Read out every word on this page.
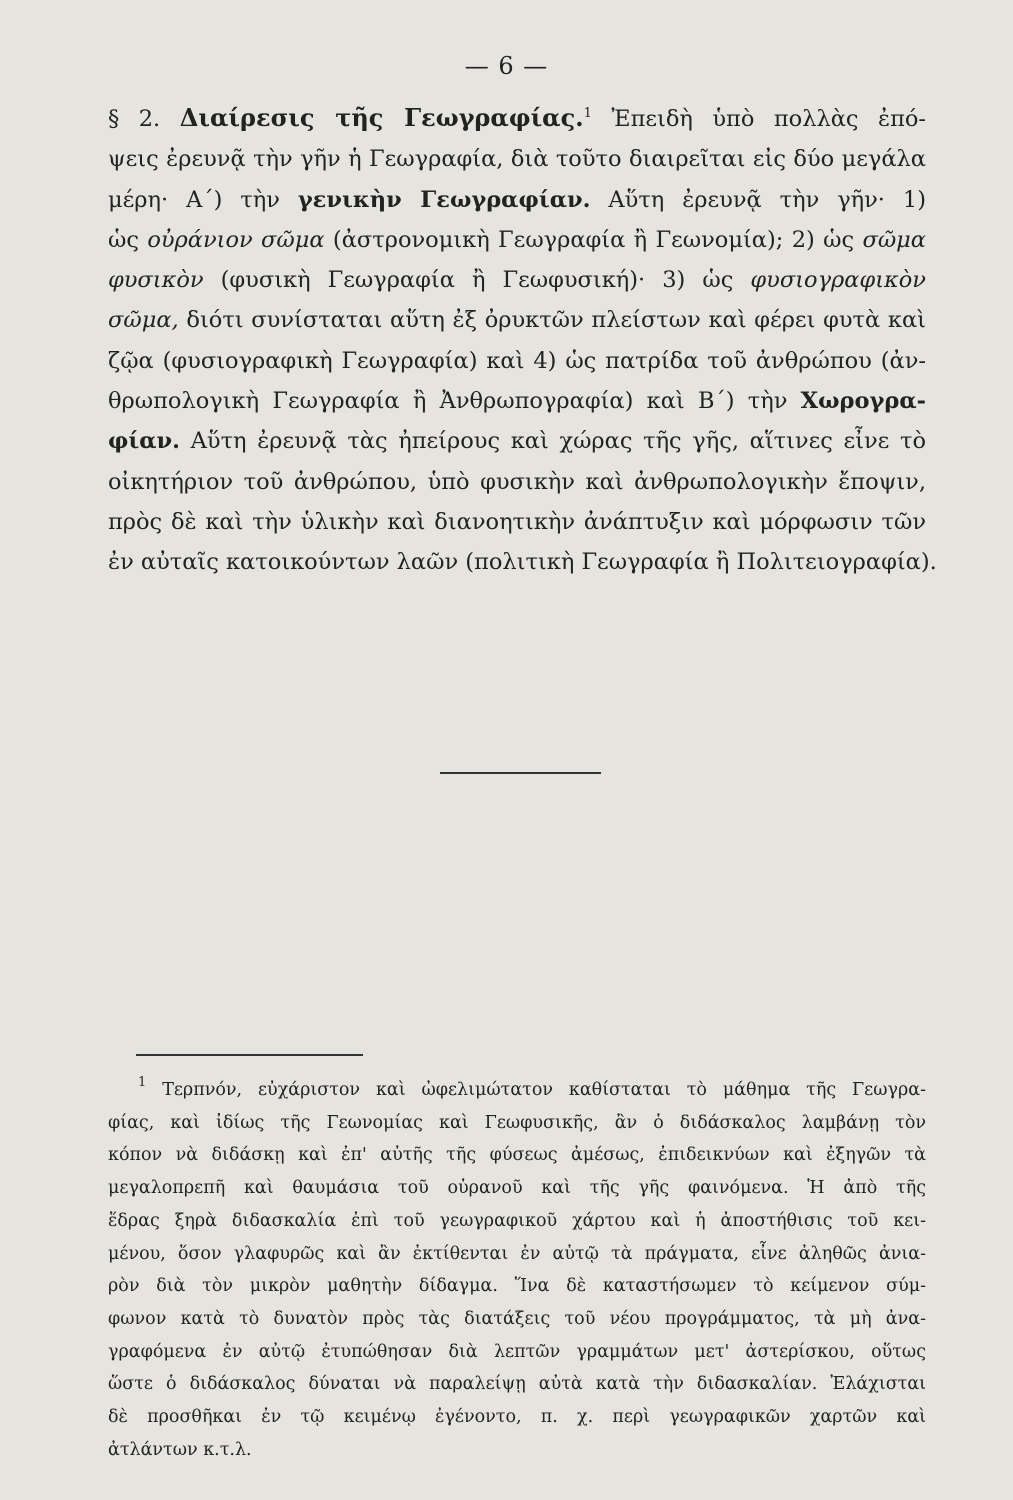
— 6 —
§ 2. Διαίρεσις τῆς Γεωγραφίας.$^1$ Ἐπειδὴ ὑπὸ πολλὰς ἐπό-
ψεις ἐρευνᾷ τὴν γῆν ἡ Γεωγραφία, διὰ τοῦτο διαιρεῖται εἰς δύο μεγάλα
μέρη· Α΄) τὴν γενικὴν Γεωγραφίαν. Αὕτη ἐρευνᾷ τὴν γῆν· 1)
ὡς οὐράνιον σῶμα (ἀστρονομικὴ Γεωγραφία ἢ Γεωνομία); 2) ὡς σῶμα
φυσικὸν (φυσικὴ Γεωγραφία ἢ Γεωφυσική)· 3) ὡς φυσιογραφικὸν
σῶμα, διότι συνίσταται αὕτη ἐξ ὀρυκτῶν πλείστων καὶ φέρει φυτὰ καὶ
ζῷα (φυσιογραφικὴ Γεωγραφία) καὶ 4) ὡς πατρίδα τοῦ ἀνθρώπου (ἀν-
θρωπολογικὴ Γεωγραφία ἢ Ἀνθρωπογραφία) καὶ Β΄) τὴν Χωρογρα-
φίαν. Αὕτη ἐρευνᾷ τὰς ἠπείρους καὶ χώρας τῆς γῆς, αἵτινες εἶνε τὸ
οἰκητήριον τοῦ ἀνθρώπου, ὑπὸ φυσικὴν καὶ ἀνθρωπολογικὴν ἔποψιν,
πρὸς δὲ καὶ τὴν ὑλικὴν καὶ διανοητικὴν ἀνάπτυξιν καὶ μόρφωσιν τῶν
ἐν αὐταῖς κατοικούντων λαῶν (πολιτικὴ Γεωγραφία ἢ Πολιτειογραφία).
$^1$ Τερπνόν, εὐχάριστον καὶ ὠφελιμώτατον καθίσταται τὸ μάθημα τῆς Γεωγρα-
φίας, καὶ ἰδίως τῆς Γεωνομίας καὶ Γεωφυσικῆς, ἂν ὁ διδάσκαλος λαμβάνῃ τὸν
κόπον νὰ διδάσκῃ καὶ ἐπ' αὐτῆς τῆς φύσεως ἀμέσως, ἐπιδεικνύων καὶ ἐξηγῶν τὰ
μεγαλοπρεπῆ καὶ θαυμάσια τοῦ οὐρανοῦ καὶ τῆς γῆς φαινόμενα. Ἡ ἀπὸ τῆς
ἕδρας ξηρὰ διδασκαλία ἐπὶ τοῦ γεωγραφικοῦ χάρτου καὶ ἡ ἀποστήθισις τοῦ κει-
μένου, ὅσον γλαφυρῶς καὶ ἂν ἐκτίθενται ἐν αὐτῷ τὰ πράγματα, εἶνε ἀληθῶς ἀνια-
ρὸν διὰ τὸν μικρὸν μαθητὴν δίδαγμα. Ἵνα δὲ καταστήσωμεν τὸ κείμενον σύμ-
φωνον κατὰ τὸ δυνατὸν πρὸς τὰς διατάξεις τοῦ νέου προγράμματος, τὰ μὴ ἀνα-
γραφόμενα ἐν αὐτῷ ἐτυπώθησαν διὰ λεπτῶν γραμμάτων μετ' ἀστερίσκου, οὕτως
ὥστε ὁ διδάσκαλος δύναται νὰ παραλείψῃ αὐτὰ κατὰ τὴν διδασκαλίαν. Ἐλάχισται
δὲ προσθῆκαι ἐν τῷ κειμένῳ ἐγένοντο, π. χ. περὶ γεωγραφικῶν χαρτῶν καὶ
ἀτλάντων κ.τ.λ.
